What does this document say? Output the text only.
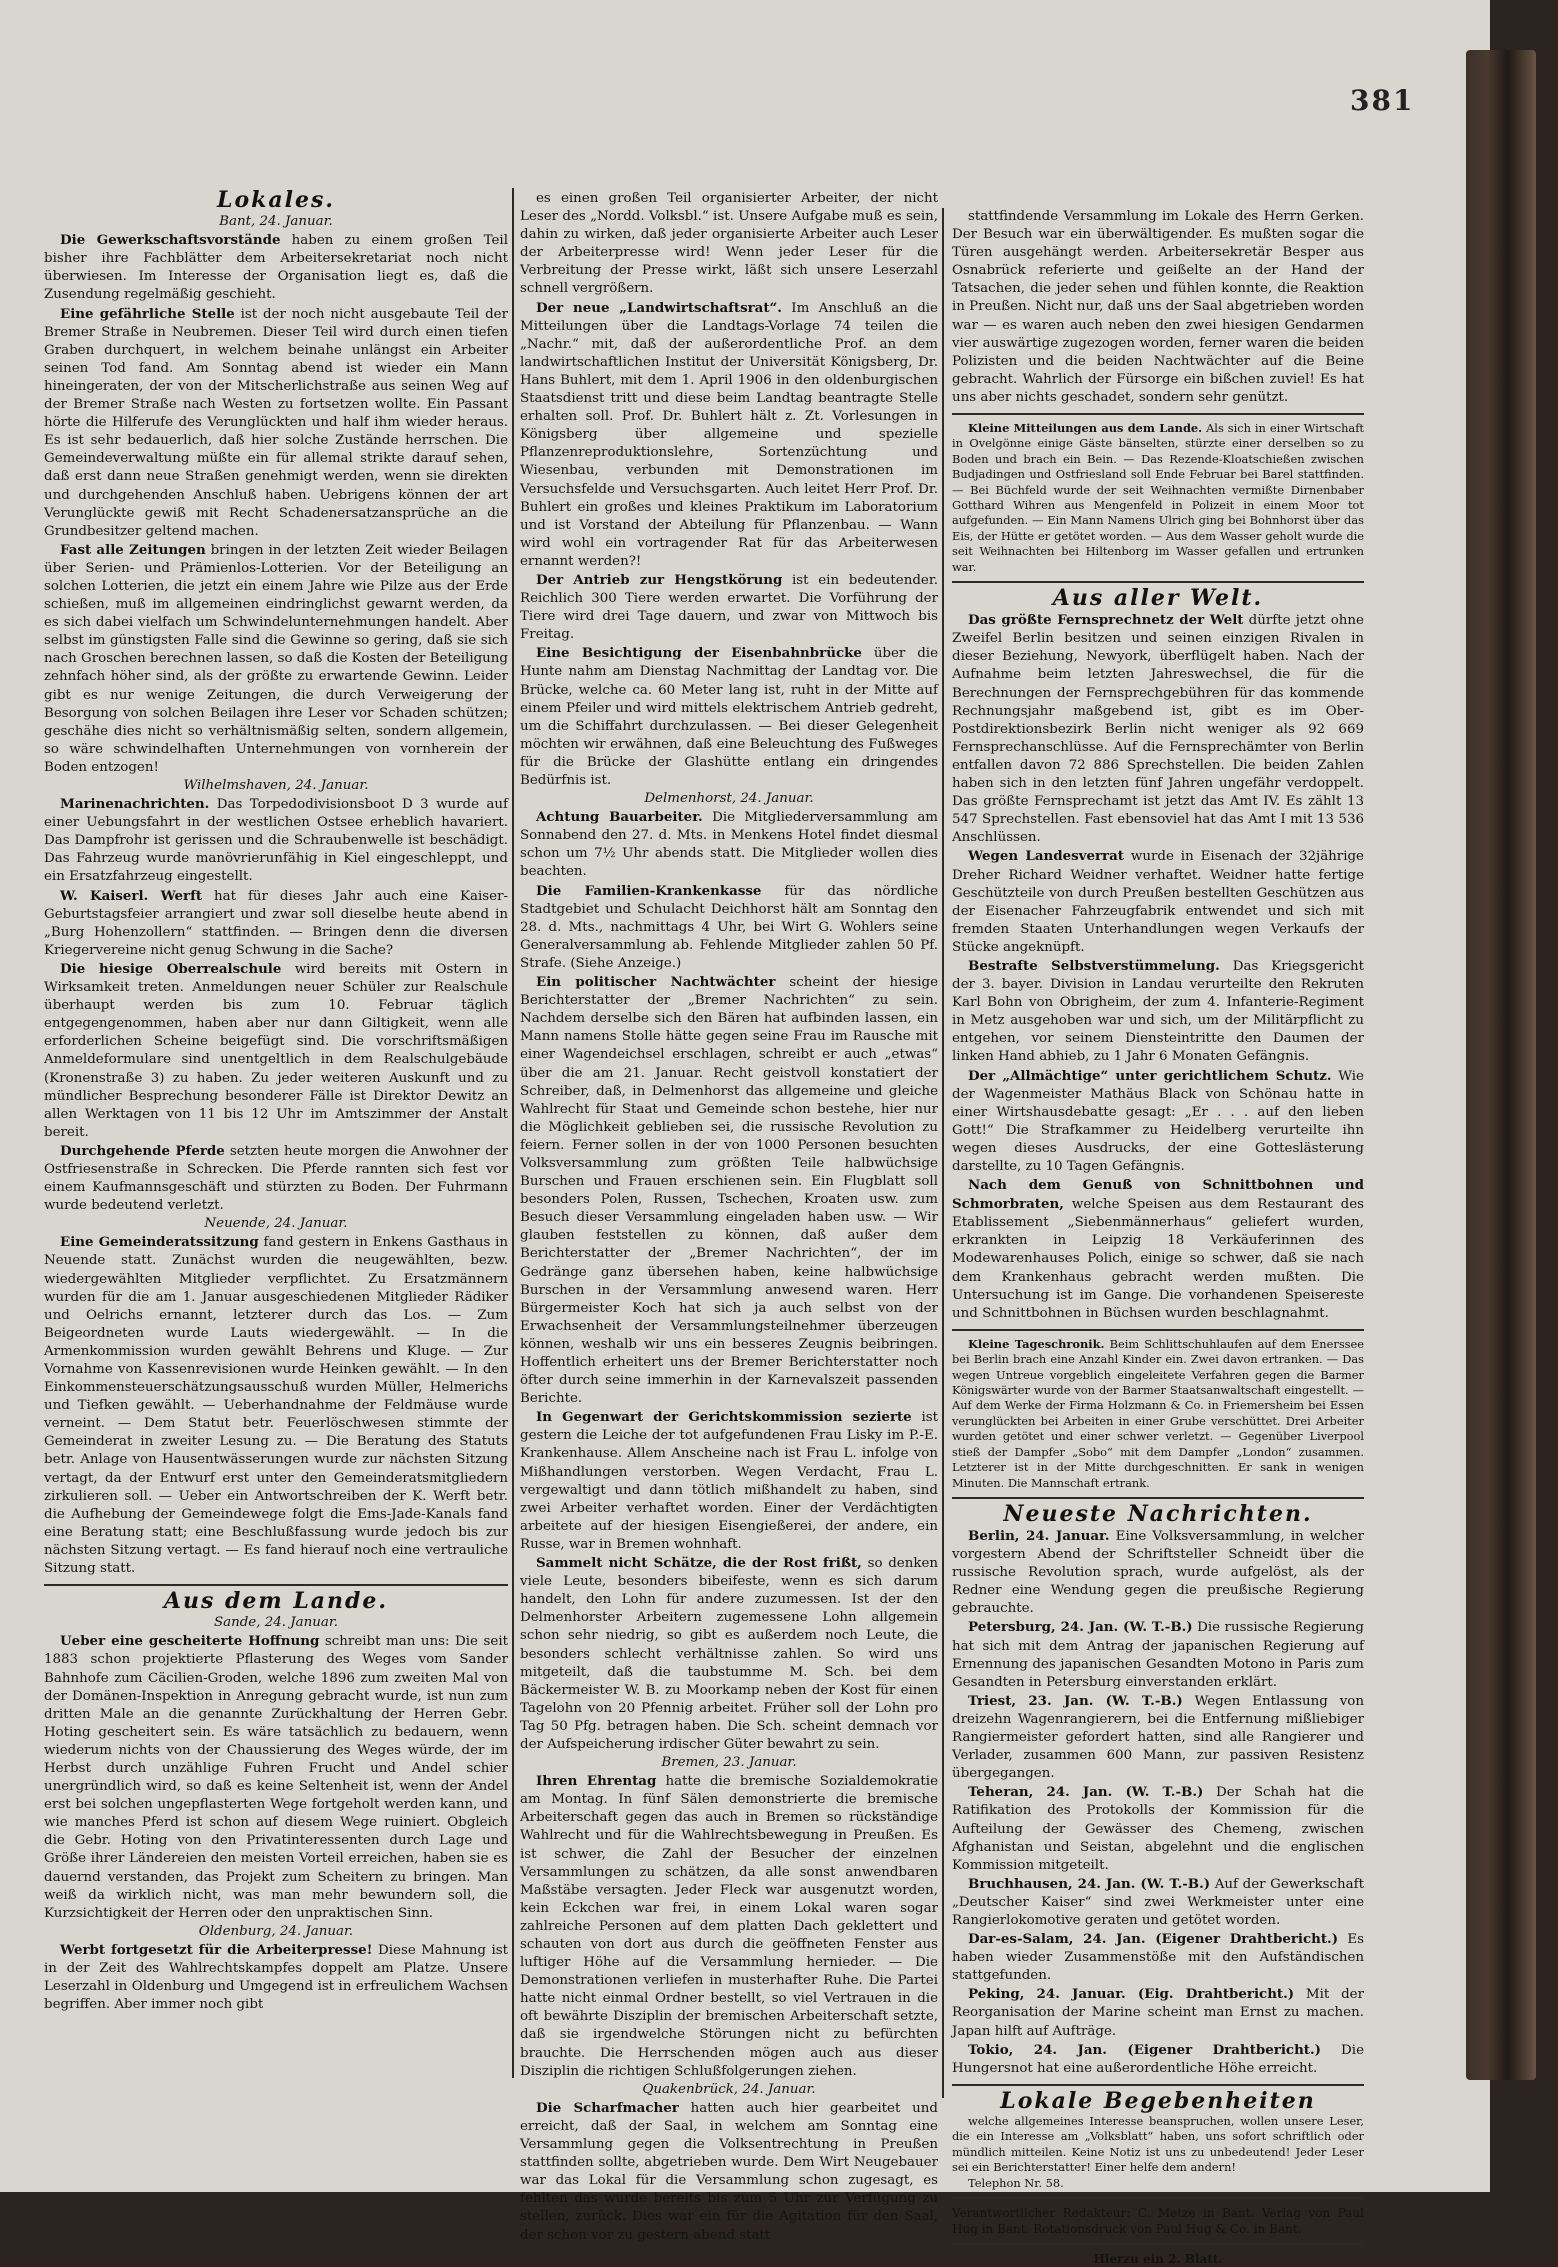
381
Lokales.

Bant, 24. Januar.

Die Gewerkschaftsvorstände haben zu einem großen Teil bisher ihre Fachblätter dem Arbeitersekretariat noch nicht überwiesen. Im Interesse der Organisation liegt es, daß die Zusendung regelmäßig geschieht.

Eine gefährliche Stelle ist der noch nicht ausgebaute Teil der Bremer Straße in Neubremen. Dieser Teil wird durch einen tiefen Graben durchquert, in welchem beinahe unlängst ein Arbeiter seinen Tod fand. Am Sonntag abend ist wieder ein Mann hineingeraten, der von der Mitscherlichstraße aus seinen Weg auf der Bremer Straße nach Westen zu fortsetzen wollte. Ein Passant hörte die Hilferufe des Verunglückten und half ihm wieder heraus. Es ist sehr bedauerlich, daß hier solche Zustände herrschen. Die Gemeindeverwaltung müßte ein für allemal strikte darauf sehen, daß erst dann neue Straßen genehmigt werden, wenn sie direkten und durchgehenden Anschluß haben. Uebrigens können der art Verunglückte gewiß mit Recht Schadenersatzansprüche an die Grundbesitzer geltend machen.

Fast alle Zeitungen bringen in der letzten Zeit wieder Beilagen über Serien- und Prämienlos-Lotterien. Vor der Beteiligung an solchen Lotterien, die jetzt ein einem Jahre wie Pilze aus der Erde schießen, muß im allgemeinen eindringlichst gewarnt werden, da es sich dabei vielfach um Schwindelunternehmungen handelt. Aber selbst im günstigsten Falle sind die Gewinne so gering, daß sie sich nach Groschen berechnen lassen, so daß die Kosten der Beteiligung zehnfach höher sind, als der größte zu erwartende Gewinn. Leider gibt es nur wenige Zeitungen, die durch Verweigerung der Besorgung von solchen Beilagen ihre Leser vor Schaden schützen; geschähe dies nicht so verhältnismäßig selten, sondern allgemein, so wäre schwindelhaften Unternehmungen von vornherein der Boden entzogen!

Wilhelmshaven, 24. Januar.

Marinenachrichten. Das Torpedodivisionsboot D 3 wurde auf einer Uebungsfahrt in der westlichen Ostsee erheblich havariert. Das Dampfrohr ist gerissen und die Schraubenwelle ist beschädigt. Das Fahrzeug wurde manövrierunfähig in Kiel eingeschleppt, und ein Ersatzfahrzeug eingestellt.

W. Kaiserl. Werft hat für dieses Jahr auch eine Kaiser-Geburtstagsfeier arrangiert und zwar soll dieselbe heute abend in „Burg Hohenzollern“ stattfinden. — Bringen denn die diversen Kriegervereine nicht genug Schwung in die Sache?

Die hiesige Oberrealschule wird bereits mit Ostern in Wirksamkeit treten. Anmeldungen neuer Schüler zur Realschule überhaupt werden bis zum 10. Februar täglich entgegengenommen, haben aber nur dann Giltigkeit, wenn alle erforderlichen Scheine beigefügt sind. Die vorschriftsmäßigen Anmeldeformulare sind unentgeltlich in dem Realschulgebäude (Kronenstraße 3) zu haben. Zu jeder weiteren Auskunft und zu mündlicher Besprechung besonderer Fälle ist Direktor Dewitz an allen Werktagen von 11 bis 12 Uhr im Amtszimmer der Anstalt bereit.

Durchgehende Pferde setzten heute morgen die Anwohner der Ostfriesenstraße in Schrecken. Die Pferde rannten sich fest vor einem Kaufmannsgeschäft und stürzten zu Boden. Der Fuhrmann wurde bedeutend verletzt.

Neuende, 24. Januar.

Eine Gemeinderatssitzung fand gestern in Enkens Gasthaus in Neuende statt. Zunächst wurden die neugewählten, bezw. wiedergewählten Mitglieder verpflichtet. Zu Ersatzmännern wurden für die am 1. Januar ausgeschiedenen Mitglieder Rädiker und Oelrichs ernannt, letzterer durch das Los. — Zum Beigeordneten wurde Lauts wiedergewählt. — In die Armenkommission wurden gewählt Behrens und Kluge. — Zur Vornahme von Kassenrevisionen wurde Heinken gewählt. — In den Einkommensteuerschätzungsausschuß wurden Müller, Helmerichs und Tiefken gewählt. — Ueberhandnahme der Feldmäuse wurde verneint. — Dem Statut betr. Feuerlöschwesen stimmte der Gemeinderat in zweiter Lesung zu. — Die Beratung des Statuts betr. Anlage von Hausentwässerungen wurde zur nächsten Sitzung vertagt, da der Entwurf erst unter den Gemeinderatsmitgliedern zirkulieren soll. — Ueber ein Antwortschreiben der K. Werft betr. die Aufhebung der Gemeindewege folgt die Ems-Jade-Kanals fand eine Beratung statt; eine Beschlußfassung wurde jedoch bis zur nächsten Sitzung vertagt. — Es fand hierauf noch eine vertrauliche Sitzung statt.

Aus dem Lande.

Sande, 24. Januar.

Ueber eine gescheiterte Hoffnung schreibt man uns: Die seit 1883 schon projektierte Pflasterung des Weges vom Sander Bahnhofe zum Cäcilien-Groden, welche 1896 zum zweiten Mal von der Domänen-Inspektion in Anregung gebracht wurde, ist nun zum dritten Male an die genannte Zurückhaltung der Herren Gebr. Hoting gescheitert sein. Es wäre tatsächlich zu bedauern, wenn wiederum nichts von der Chaussierung des Weges würde, der im Herbst durch unzählige Fuhren Frucht und Andel schier unergründlich wird, so daß es keine Seltenheit ist, wenn der Andel erst bei solchen ungepflasterten Wege fortgeholt werden kann, und wie manches Pferd ist schon auf diesem Wege ruiniert. Obgleich die Gebr. Hoting von den Privatinteressenten durch Lage und Größe ihrer Ländereien den meisten Vorteil erreichen, haben sie es dauernd verstanden, das Projekt zum Scheitern zu bringen. Man weiß da wirklich nicht, was man mehr bewundern soll, die Kurzsichtigkeit der Herren oder den unpraktischen Sinn.

Oldenburg, 24. Januar.

Werbt fortgesetzt für die Arbeiterpresse! Diese Mahnung ist in der Zeit des Wahlrechtskampfes doppelt am Platze. Unsere Leserzahl in Oldenburg und Umgegend ist in erfreulichem Wachsen begriffen. Aber immer noch gibt

es einen großen Teil organisierter Arbeiter, der nicht Leser des „Nordd. Volksbl.“ ist. Unsere Aufgabe muß es sein, dahin zu wirken, daß jeder organisierte Arbeiter auch Leser der Arbeiterpresse wird! Wenn jeder Leser für die Verbreitung der Presse wirkt, läßt sich unsere Leserzahl schnell vergrößern.

Der neue „Landwirtschaftsrat“. Im Anschluß an die Mitteilungen über die Landtags-Vorlage 74 teilen die „Nachr.“ mit, daß der außerordentliche Prof. an dem landwirtschaftlichen Institut der Universität Königsberg, Dr. Hans Buhlert, mit dem 1. April 1906 in den oldenburgischen Staatsdienst tritt und diese beim Landtag beantragte Stelle erhalten soll. Prof. Dr. Buhlert hält z. Zt. Vorlesungen in Königsberg über allgemeine und spezielle Pflanzenreproduktionslehre, Sortenzüchtung und Wiesenbau, verbunden mit Demonstrationen im Versuchsfelde und Versuchsgarten. Auch leitet Herr Prof. Dr. Buhlert ein großes und kleines Praktikum im Laboratorium und ist Vorstand der Abteilung für Pflanzenbau. — Wann wird wohl ein vortragender Rat für das Arbeiterwesen ernannt werden?!

Der Antrieb zur Hengstkörung ist ein bedeutender. Reichlich 300 Tiere werden erwartet. Die Vorführung der Tiere wird drei Tage dauern, und zwar von Mittwoch bis Freitag.

Eine Besichtigung der Eisenbahnbrücke über die Hunte nahm am Dienstag Nachmittag der Landtag vor. Die Brücke, welche ca. 60 Meter lang ist, ruht in der Mitte auf einem Pfeiler und wird mittels elektrischem Antrieb gedreht, um die Schiffahrt durchzulassen. — Bei dieser Gelegenheit möchten wir erwähnen, daß eine Beleuchtung des Fußweges für die Brücke der Glashütte entlang ein dringendes Bedürfnis ist.

Delmenhorst, 24. Januar.

Achtung Bauarbeiter. Die Mitgliederversammlung am Sonnabend den 27. d. Mts. in Menkens Hotel findet diesmal schon um 7½ Uhr abends statt. Die Mitglieder wollen dies beachten.

Die Familien-Krankenkasse für das nördliche Stadtgebiet und Schulacht Deichhorst hält am Sonntag den 28. d. Mts., nachmittags 4 Uhr, bei Wirt G. Wohlers seine Generalversammlung ab. Fehlende Mitglieder zahlen 50 Pf. Strafe. (Siehe Anzeige.)

Ein politischer Nachtwächter scheint der hiesige Berichterstatter der „Bremer Nachrichten“ zu sein. Nachdem derselbe sich den Bären hat aufbinden lassen, ein Mann namens Stolle hätte gegen seine Frau im Rausche mit einer Wagendeichsel erschlagen, schreibt er auch „etwas“ über die am 21. Januar. Recht geistvoll konstatiert der Schreiber, daß, in Delmenhorst das allgemeine und gleiche Wahlrecht für Staat und Gemeinde schon bestehe, hier nur die Möglichkeit geblieben sei, die russische Revolution zu feiern. Ferner sollen in der von 1000 Personen besuchten Volksversammlung zum größten Teile halbwüchsige Burschen und Frauen erschienen sein. Ein Flugblatt soll besonders Polen, Russen, Tschechen, Kroaten usw. zum Besuch dieser Versammlung eingeladen haben usw. — Wir glauben feststellen zu können, daß außer dem Berichterstatter der „Bremer Nachrichten“, der im Gedränge ganz übersehen haben, keine halbwüchsige Burschen in der Versammlung anwesend waren. Herr Bürgermeister Koch hat sich ja auch selbst von der Erwachsenheit der Versammlungsteilnehmer überzeugen können, weshalb wir uns ein besseres Zeugnis beibringen. Hoffentlich erheitert uns der Bremer Berichterstatter noch öfter durch seine immerhin in der Karnevalszeit passenden Berichte.

In Gegenwart der Gerichtskommission sezierte ist gestern die Leiche der tot aufgefundenen Frau Lisky im P.-E. Krankenhause. Allem Anscheine nach ist Frau L. infolge von Mißhandlungen verstorben. Wegen Verdacht, Frau L. vergewaltigt und dann tötlich mißhandelt zu haben, sind zwei Arbeiter verhaftet worden. Einer der Verdächtigten arbeitete auf der hiesigen Eisengießerei, der andere, ein Russe, war in Bremen wohnhaft.

Sammelt nicht Schätze, die der Rost frißt, so denken viele Leute, besonders bibeifeste, wenn es sich darum handelt, den Lohn für andere zuzumessen. Ist der den Delmenhorster Arbeitern zugemessene Lohn allgemein schon sehr niedrig, so gibt es außerdem noch Leute, die besonders schlecht verhältnisse zahlen. So wird uns mitgeteilt, daß die taubstumme M. Sch. bei dem Bäckermeister W. B. zu Moorkamp neben der Kost für einen Tagelohn von 20 Pfennig arbeitet. Früher soll der Lohn pro Tag 50 Pfg. betragen haben. Die Sch. scheint demnach vor der Aufspeicherung irdischer Güter bewahrt zu sein.

Bremen, 23. Januar.

Ihren Ehrentag hatte die bremische Sozialdemokratie am Montag. In fünf Sälen demonstrierte die bremische Arbeiterschaft gegen das auch in Bremen so rückständige Wahlrecht und für die Wahlrechtsbewegung in Preußen. Es ist schwer, die Zahl der Besucher der einzelnen Versammlungen zu schätzen, da alle sonst anwendbaren Maßstäbe versagten. Jeder Fleck war ausgenutzt worden, kein Eckchen war frei, in einem Lokal waren sogar zahlreiche Personen auf dem platten Dach geklettert und schauten von dort aus durch die geöffneten Fenster aus luftiger Höhe auf die Versammlung hernieder. — Die Demonstrationen verliefen in musterhafter Ruhe. Die Partei hatte nicht einmal Ordner bestellt, so viel Vertrauen in die oft bewährte Disziplin der bremischen Arbeiterschaft setzte, daß sie irgendwelche Störungen nicht zu befürchten brauchte. Die Herrschenden mögen auch aus dieser Disziplin die richtigen Schlußfolgerungen ziehen.

Quakenbrück, 24. Januar.

Die Scharfmacher hatten auch hier gearbeitet und erreicht, daß der Saal, in welchem am Sonntag eine Versammlung gegen die Volksentrechtung in Preußen stattfinden sollte, abgetrieben wurde. Dem Wirt Neugebauer war das Lokal für die Versammlung schon zugesagt, es fehlten das wurde bereits bis zum 5 Uhr zur Verfügung zu stellen, zurück. Dies war ein für die Agitation für den Saal, der schon vor zu gestern abend statt

stattfindende Versammlung im Lokale des Herrn Gerken. Der Besuch war ein überwältigender. Es mußten sogar die Türen ausgehängt werden. Arbeitersekretär Besper aus Osnabrück referierte und geißelte an der Hand der Tatsachen, die jeder sehen und fühlen konnte, die Reaktion in Preußen. Nicht nur, daß uns der Saal abgetrieben worden war — es waren auch neben den zwei hiesigen Gendarmen vier auswärtige zugezogen worden, ferner waren die beiden Polizisten und die beiden Nachtwächter auf die Beine gebracht. Wahrlich der Fürsorge ein bißchen zuviel! Es hat uns aber nichts geschadet, sondern sehr genützt.

Kleine Mitteilungen aus dem Lande. Als sich in einer Wirtschaft in Ovelgönne einige Gäste bänselten, stürzte einer derselben so zu Boden und brach ein Bein. — Das Rezende-Kloatschießen zwischen Budjadingen und Ostfriesland soll Ende Februar bei Barel stattfinden. — Bei Büchfeld wurde der seit Weihnachten vermißte Dirnenbaber Gotthard Wihren aus Mengenfeld in Polizeit in einem Moor tot aufgefunden. — Ein Mann Namens Ulrich ging bei Bohnhorst über das Eis, der Hütte er getötet worden. — Aus dem Wasser geholt wurde die seit Weihnachten bei Hiltenborg im Wasser gefallen und ertrunken war.

Aus aller Welt.

Das größte Fernsprechnetz der Welt dürfte jetzt ohne Zweifel Berlin besitzen und seinen einzigen Rivalen in dieser Beziehung, Newyork, überflügelt haben. Nach der Aufnahme beim letzten Jahreswechsel, die für die Berechnungen der Fernsprechgebühren für das kommende Rechnungsjahr maßgebend ist, gibt es im Ober-Postdirektionsbezirk Berlin nicht weniger als 92 669 Fernsprechanschlüsse. Auf die Fernsprechämter von Berlin entfallen davon 72 886 Sprechstellen. Die beiden Zahlen haben sich in den letzten fünf Jahren ungefähr verdoppelt. Das größte Fernsprechamt ist jetzt das Amt IV. Es zählt 13 547 Sprechstellen. Fast ebensoviel hat das Amt I mit 13 536 Anschlüssen.

Wegen Landesverrat wurde in Eisenach der 32jährige Dreher Richard Weidner verhaftet. Weidner hatte fertige Geschützteile von durch Preußen bestellten Geschützen aus der Eisenacher Fahrzeugfabrik entwendet und sich mit fremden Staaten Unterhandlungen wegen Verkaufs der Stücke angeknüpft.

Bestrafte Selbstverstümmelung. Das Kriegsgericht der 3. bayer. Division in Landau verurteilte den Rekruten Karl Bohn von Obrigheim, der zum 4. Infanterie-Regiment in Metz ausgehoben war und sich, um der Militärpflicht zu entgehen, vor seinem Diensteintritte den Daumen der linken Hand abhieb, zu 1 Jahr 6 Monaten Gefängnis.

Der „Allmächtige“ unter gerichtlichem Schutz. Wie der Wagenmeister Mathäus Black von Schönau hatte in einer Wirtshausdebatte gesagt: „Er . . . auf den lieben Gott!“ Die Strafkammer zu Heidelberg verurteilte ihn wegen dieses Ausdrucks, der eine Gotteslästerung darstellte, zu 10 Tagen Gefängnis.

Nach dem Genuß von Schnittbohnen und Schmorbraten, welche Speisen aus dem Restaurant des Etablissement „Siebenmännerhaus“ geliefert wurden, erkrankten in Leipzig 18 Verkäuferinnen des Modewarenhauses Polich, einige so schwer, daß sie nach dem Krankenhaus gebracht werden mußten. Die Untersuchung ist im Gange. Die vorhandenen Speisereste und Schnittbohnen in Büchsen wurden beschlagnahmt.

Kleine Tageschronik. Beim Schlittschuhlaufen auf dem Enerssee bei Berlin brach eine Anzahl Kinder ein. Zwei davon ertranken. — Das wegen Untreue vorgeblich eingeleitete Verfahren gegen die Barmer Königswärter wurde von der Barmer Staatsanwaltschaft eingestellt. — Auf dem Werke der Firma Holzmann & Co. in Friemersheim bei Essen verunglückten bei Arbeiten in einer Grube verschüttet. Drei Arbeiter wurden getötet und einer schwer verletzt. — Gegenüber Liverpool stieß der Dampfer „Sobo“ mit dem Dampfer „London“ zusammen. Letzterer ist in der Mitte durchgeschnitten. Er sank in wenigen Minuten. Die Mannschaft ertrank.

Neueste Nachrichten.

Berlin, 24. Januar. Eine Volksversammlung, in welcher vorgestern Abend der Schriftsteller Schneidt über die russische Revolution sprach, wurde aufgelöst, als der Redner eine Wendung gegen die preußische Regierung gebrauchte.

Petersburg, 24. Jan. (W. T.-B.) Die russische Regierung hat sich mit dem Antrag der japanischen Regierung auf Ernennung des japanischen Gesandten Motono in Paris zum Gesandten in Petersburg einverstanden erklärt.

Triest, 23. Jan. (W. T.-B.) Wegen Entlassung von dreizehn Wagenrangierern, bei die Entfernung mißliebiger Rangiermeister gefordert hatten, sind alle Rangierer und Verlader, zusammen 600 Mann, zur passiven Resistenz übergegangen.

Teheran, 24. Jan. (W. T.-B.) Der Schah hat die Ratifikation des Protokolls der Kommission für die Aufteilung der Gewässer des Chemeng, zwischen Afghanistan und Seistan, abgelehnt und die englischen Kommission mitgeteilt.

Bruchhausen, 24. Jan. (W. T.-B.) Auf der Gewerkschaft „Deutscher Kaiser“ sind zwei Werkmeister unter eine Rangierlokomotive geraten und getötet worden.

Dar-es-Salam, 24. Jan. (Eigener Drahtbericht.) Es haben wieder Zusammenstöße mit den Aufständischen stattgefunden.

Peking, 24. Januar. (Eig. Drahtbericht.) Mit der Reorganisation der Marine scheint man Ernst zu machen. Japan hilft auf Aufträge.

Tokio, 24. Jan. (Eigener Drahtbericht.) Die Hungersnot hat eine außerordentliche Höhe erreicht.

Lokale Begebenheiten

welche allgemeines Interesse beanspruchen, wollen unsere Leser, die ein Interesse am „Volksblatt“ haben, uns sofort schriftlich oder mündlich mitteilen. Keine Notiz ist uns zu unbedeutend! Jeder Leser sei ein Berichterstatter! Einer helfe dem andern!

Telephon Nr. 58.

Verantwortlicher Redakteur: C. Metze in Bant. Verlag von Paul Hug in Bant. Rotationsdruck von Paul Hug & Co. in Bant.

Hierzu ein 2. Blatt.
